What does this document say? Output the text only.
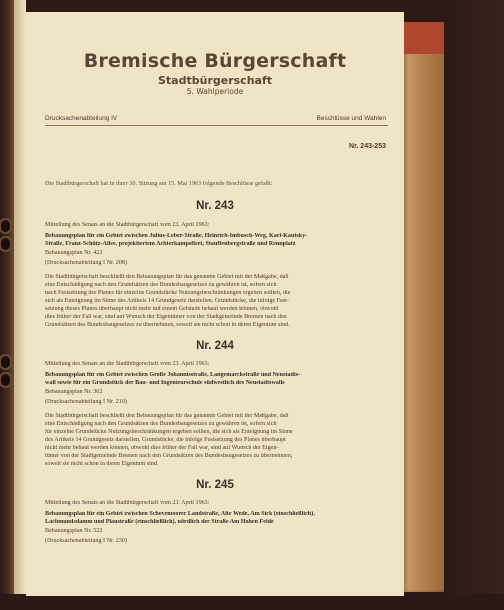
Bremische Bürgerschaft
Stadtbürgerschaft
5. Wahlperiode
Drucksachenabteilung IV	Beschlüsse und Wahlen
Nr. 243-253
Die Stadtbürgerschaft hat in ihrer 30. Sitzung am 15. Mai 1963 folgende Beschlüsse gefaßt:
Nr. 243
Mitteilung des Senats an die Stadtbürgerschaft vom 23. April 1963:
Bebauungsplan für ein Gebiet zwischen Julius-Leber-Straße, Heinrich-Imbusch-Weg, Karl-Kautsky-
Straße, Franz-Schütz-Allee, projektiertem Achterkampsfleet, Stauffenbergstraße und Rennplatz
Bebauungsplan Nr. 422
(Drucksachenabteilung I Nr. 208)
Die Stadtbürgerschaft beschließt den Bebauungsplan für das genannte Gebiet mit der Maßgabe, daß
eine Entschädigung nach den Grundsätzen des Bundesbaugesetzes zu gewähren ist, sofern sich
nach Festsetzung des Planes für einzelne Grundstücke Nutzungsbeschränkungen ergeben sollten, die
sich als Enteignung im Sinne des Artikels 14 Grundgesetz darstellen. Grundstücke, die infolge Fest-
setzung dieses Planes überhaupt nicht mehr mit einem Gebäude bebaut werden können, obwohl
dies früher der Fall war, sind auf Wunsch der Eigentümer von der Stadtgemeinde Bremen nach den
Grundsätzen des Bundesbaugesetzes zu übernehmen, soweit sie nicht schon in deren Eigentum sind.
Nr. 244
Mitteilung des Senats an die Stadtbürgerschaft vom 23. April 1963:
Bebauungsplan für ein Gebiet zwischen Große Johannisstraße, Langemarckstraße und Neustadts-
wall sowie für ein Grundstück der Bau- und Ingenieurschule südwestlich des Neustadtswalls
Bebauungsplan Nr. 362
(Drucksachenabteilung I Nr. 210)
Die Stadtbürgerschaft beschließt den Bebauungsplan für das genannte Gebiet mit der Maßgabe, daß
eine Entschädigung nach den Grundsätzen des Bundesbaugesetzes zu gewähren ist, sofern sich
für einzelne Grundstücke Nutzungsbeschränkungen ergeben sollten, die sich als Enteignung im Sinne
des Artikels 14 Grundgesetz darstellen. Grundstücke, die infolge Festsetzung des Planes überhaupt
nicht mehr bebaut werden können, obwohl dies früher der Fall war, sind auf Wunsch der Eigen-
tümer von der Stadtgemeinde Bremen nach den Grundsätzen des Bundesbaugesetzes zu übernehmen,
soweit sie nicht schon in deren Eigentum sind.
Nr. 245
Mitteilung des Senats an die Stadtbürgerschaft vom 23. April 1963:
Bebauungsplan für ein Gebiet zwischen Schevemoorer Landstraße, Alte Wede, Am Sick (einschließlich),
Lachmundsdamm und Plaustraße (einschließlich), nördlich der Straße Am Hohen Felde
Bebauungsplan Nr. 522
(Drucksachenabteilung I Nr. 230)
